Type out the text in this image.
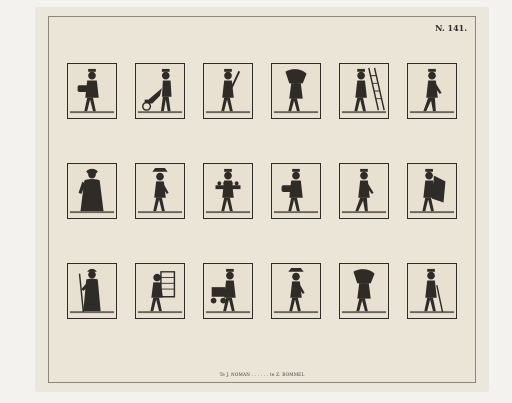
N. 141.
Te J. NOMAN . . . . . . te Z. BOMMEL
